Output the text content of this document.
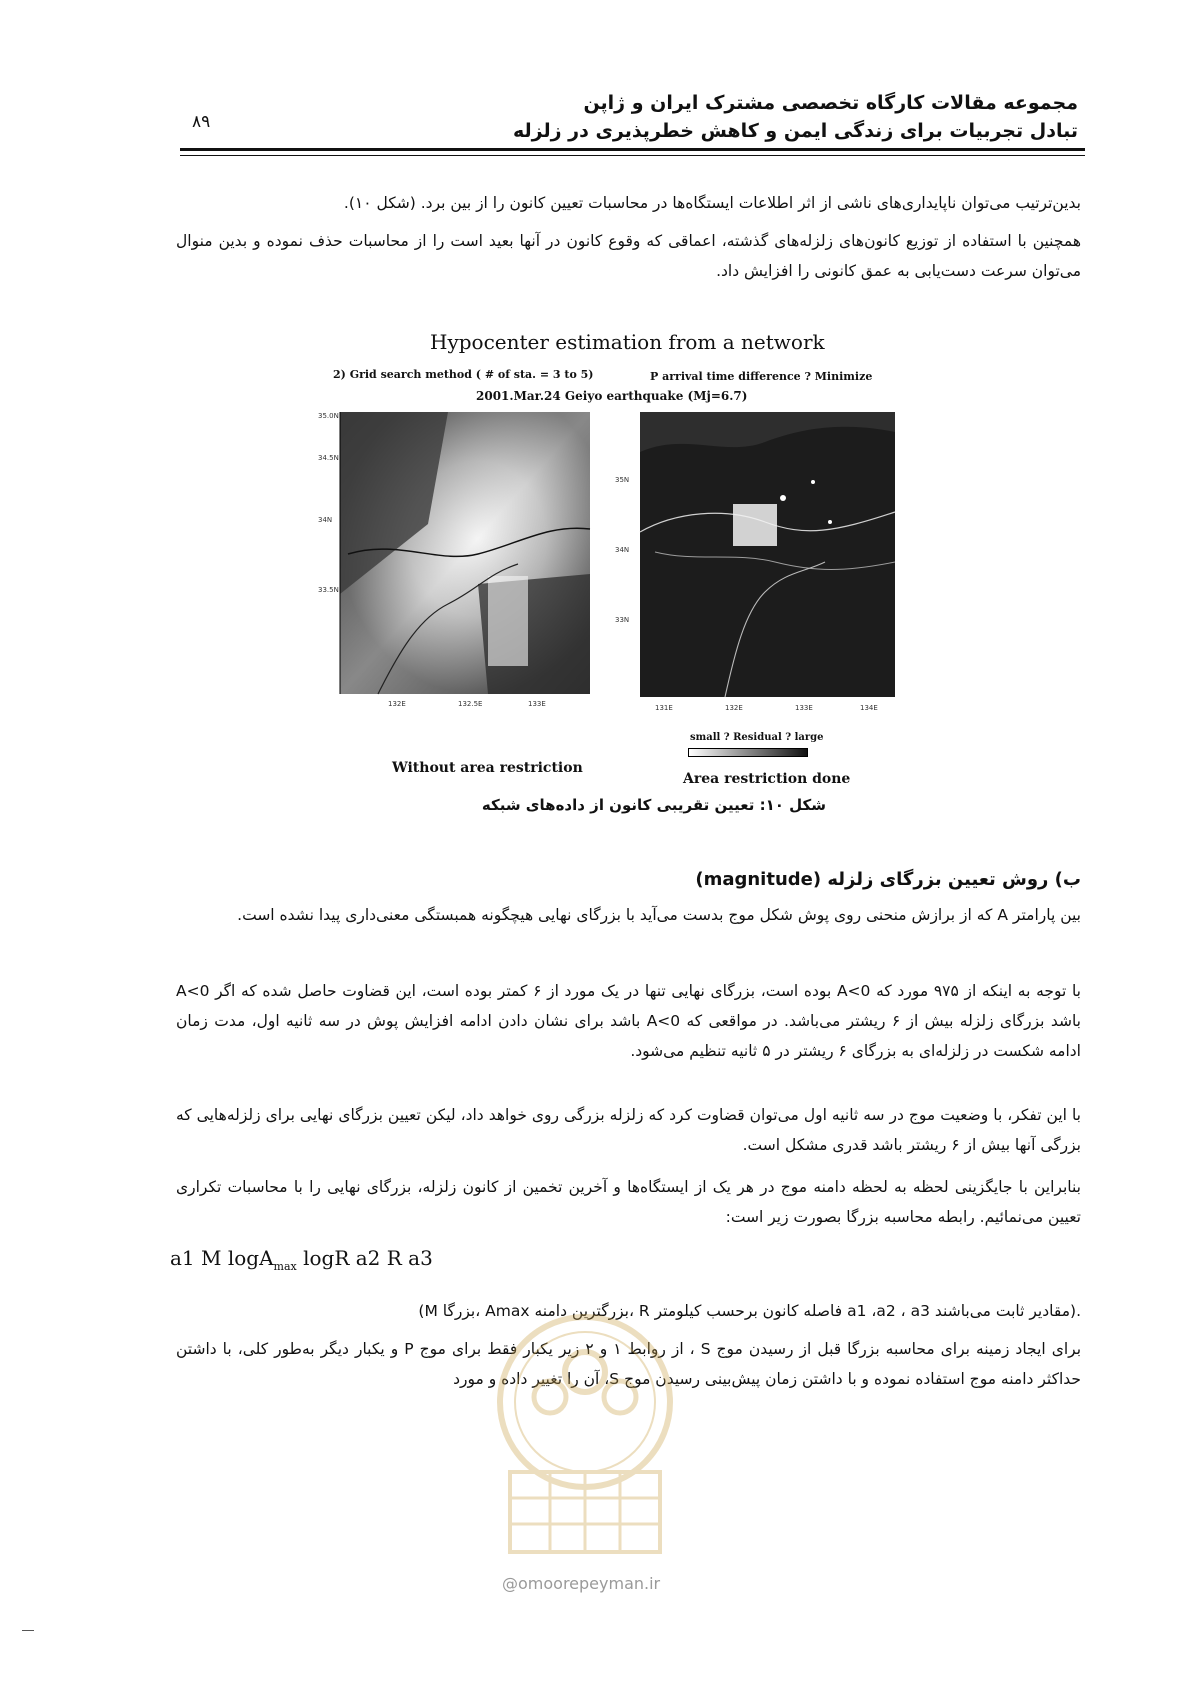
مجموعه مقالات کارگاه تخصصی مشترک ایران و ژاپن
تبادل تجربیات برای زندگی ایمن و کاهش خطرپذیری در زلزله
۸۹
بدین‌ترتیب می‌توان ناپایداری‌های ناشی از اثر اطلاعات ایستگاه‌ها در محاسبات تعیین کانون را از بین برد. (شکل ۱۰).
همچنین با استفاده از توزیع کانون‌های زلزله‌های گذشته، اعماقی که وقوع کانون در آنها بعید است را از محاسبات حذف نموده و بدین منوال می‌توان سرعت دست‌یابی به عمق کانونی را افزایش داد.
Hypocenter estimation from a network
2) Grid search method ( # of sta. = 3 to 5)	P arrival time difference ? Minimize
2001.Mar.24 Geiyo earthquake (Mj=6.7)
35.0N
34.5N
34N
33.5N
132E	132.5E	133E
35N
34N
33N
131E	132E	133E	134E
small ? Residual ? large
Without area restriction
Area restriction done
شکل ۱۰: تعیین تقریبی کانون از داده‌های شبکه
ب) روش تعیین بزرگای زلزله (magnitude)
بین پارامتر A که از برازش منحنی روی پوش شکل موج بدست می‌آید با بزرگای نهایی هیچگونه همبستگی معنی‌داری پیدا نشده است.
با توجه به اینکه از ۹۷۵ مورد که A<0 بوده است، بزرگای نهایی تنها در یک مورد از ۶ کمتر بوده است، این قضاوت حاصل شده که اگر A<0 باشد بزرگای زلزله بیش از ۶ ریشتر می‌باشد. در مواقعی که A<0 باشد برای نشان دادن ادامه افزایش پوش در سه ثانیه اول، مدت زمان ادامه شکست در زلزله‌ای به بزرگای ۶ ریشتر در ۵ ثانیه تنظیم می‌شود.
با این تفکر، با وضعیت موج در سه ثانیه اول می‌توان قضاوت کرد که زلزله بزرگی روی خواهد داد، لیکن تعیین بزرگای نهایی برای زلزله‌هایی که بزرگی آنها بیش از ۶ ریشتر باشد قدری مشکل است.
بنابراین با جایگزینی لحظه به لحظه دامنه موج در هر یک از ایستگاه‌ها و آخرین تخمین از کانون زلزله، بزرگای نهایی را با محاسبات تکراری تعیین می‌نمائیم. رابطه محاسبه بزرگا بصورت زیر است:
a1 M logA$_{max}$ logR a2 R a3
(M بزرگا، Amax بزرگترین دامنه، R فاصله کانون برحسب کیلومتر a1 ،a2 ، a3 مقادیر ثابت می‌باشند).
برای ایجاد زمینه برای محاسبه بزرگا قبل از رسیدن موج S ، از روابط ۱ و ۲ زیر یکبار فقط برای موج P و یکبار دیگر به‌طور کلی، با داشتن حداکثر دامنه موج استفاده نموده و با داشتن زمان پیش‌بینی رسیدن موج S، آن را تغییر داده و مورد
@omoorepeyman.ir
